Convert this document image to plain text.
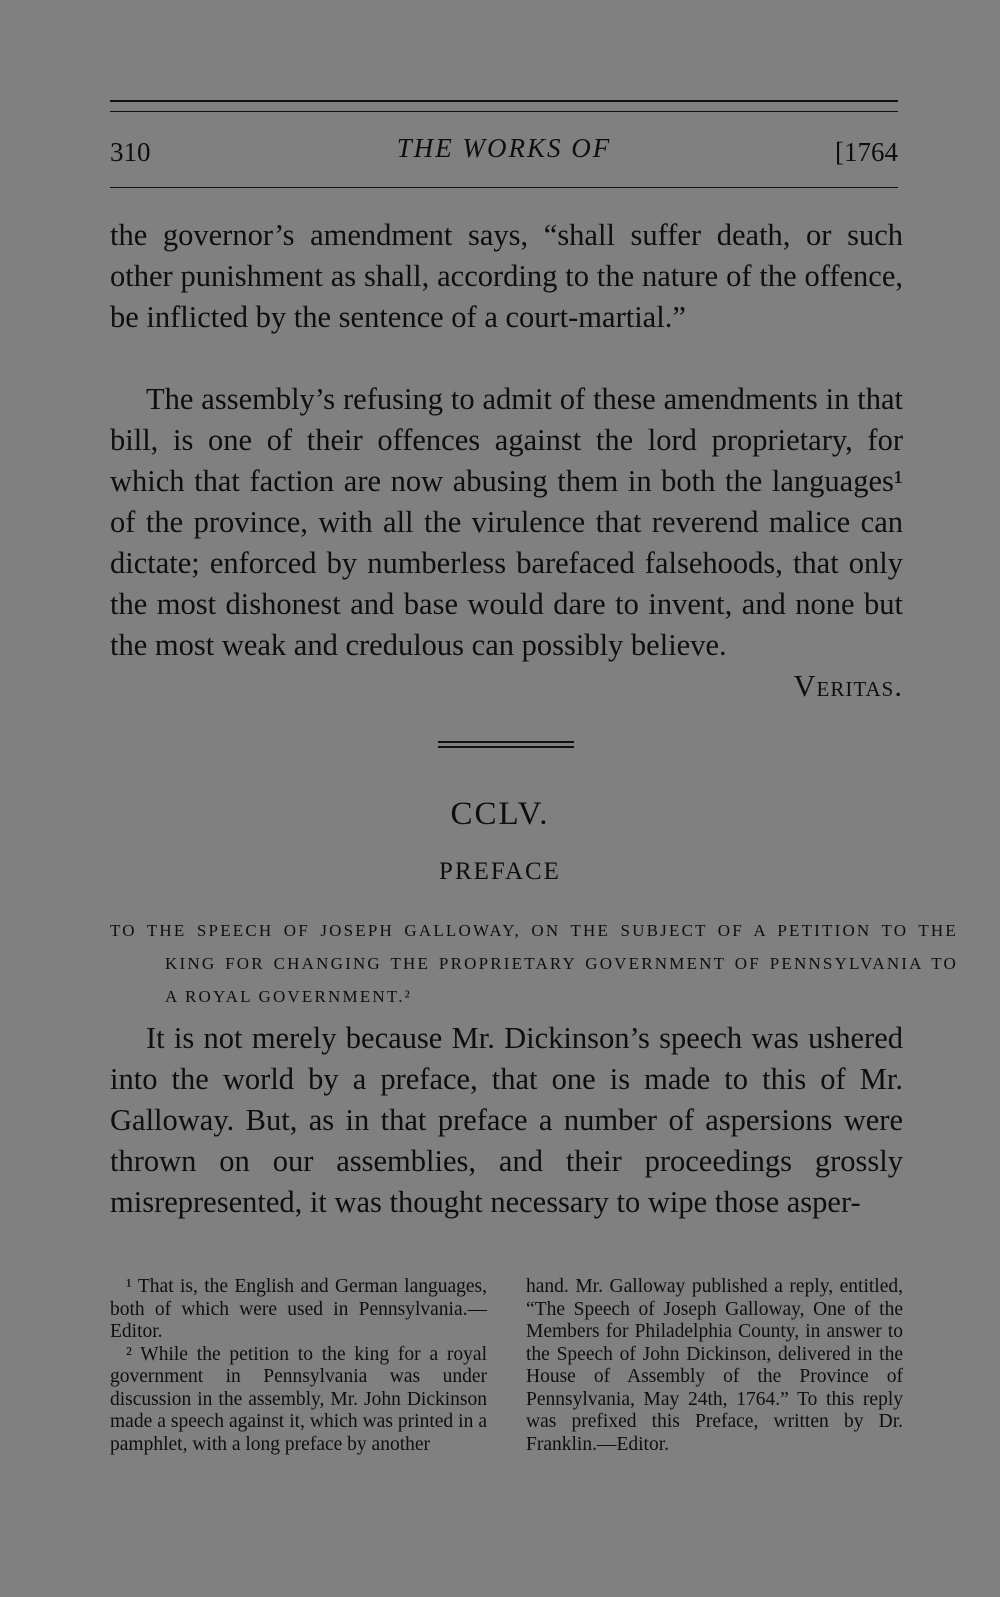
310	THE WORKS OF	[1764

the governor’s amendment says, “shall suffer death, or such other punishment as shall, according to the nature of the offence, be inflicted by the sentence of a court-martial.”

The assembly’s refusing to admit of these amendments in that bill, is one of their offences against the lord proprietary, for which that faction are now abusing them in both the languages¹ of the province, with all the virulence that reverend malice can dictate; enforced by numberless barefaced falsehoods, that only the most dishonest and base would dare to invent, and none but the most weak and credulous can possibly believe.
Veritas.
CCLV.
PREFACE

TO THE SPEECH OF JOSEPH GALLOWAY, ON THE SUBJECT OF A PETITION TO THE KING FOR CHANGING THE PROPRIETARY GOVERNMENT OF PENNSYLVANIA TO A ROYAL GOVERNMENT.²

It is not merely because Mr. Dickinson’s speech was ushered into the world by a preface, that one is made to this of Mr. Galloway. But, as in that preface a number of aspersions were thrown on our assemblies, and their proceedings grossly misrepresented, it was thought necessary to wipe those asper-

¹ That is, the English and German languages, both of which were used in Pennsylvania.—Editor.

² While the petition to the king for a royal government in Pennsylvania was under discussion in the assembly, Mr. John Dickinson made a speech against it, which was printed in a pamphlet, with a long preface by another

hand. Mr. Galloway published a reply, entitled, “The Speech of Joseph Galloway, One of the Members for Philadelphia County, in answer to the Speech of John Dickinson, delivered in the House of Assembly of the Province of Pennsylvania, May 24th, 1764.” To this reply was prefixed this Preface, written by Dr. Franklin.—Editor.
